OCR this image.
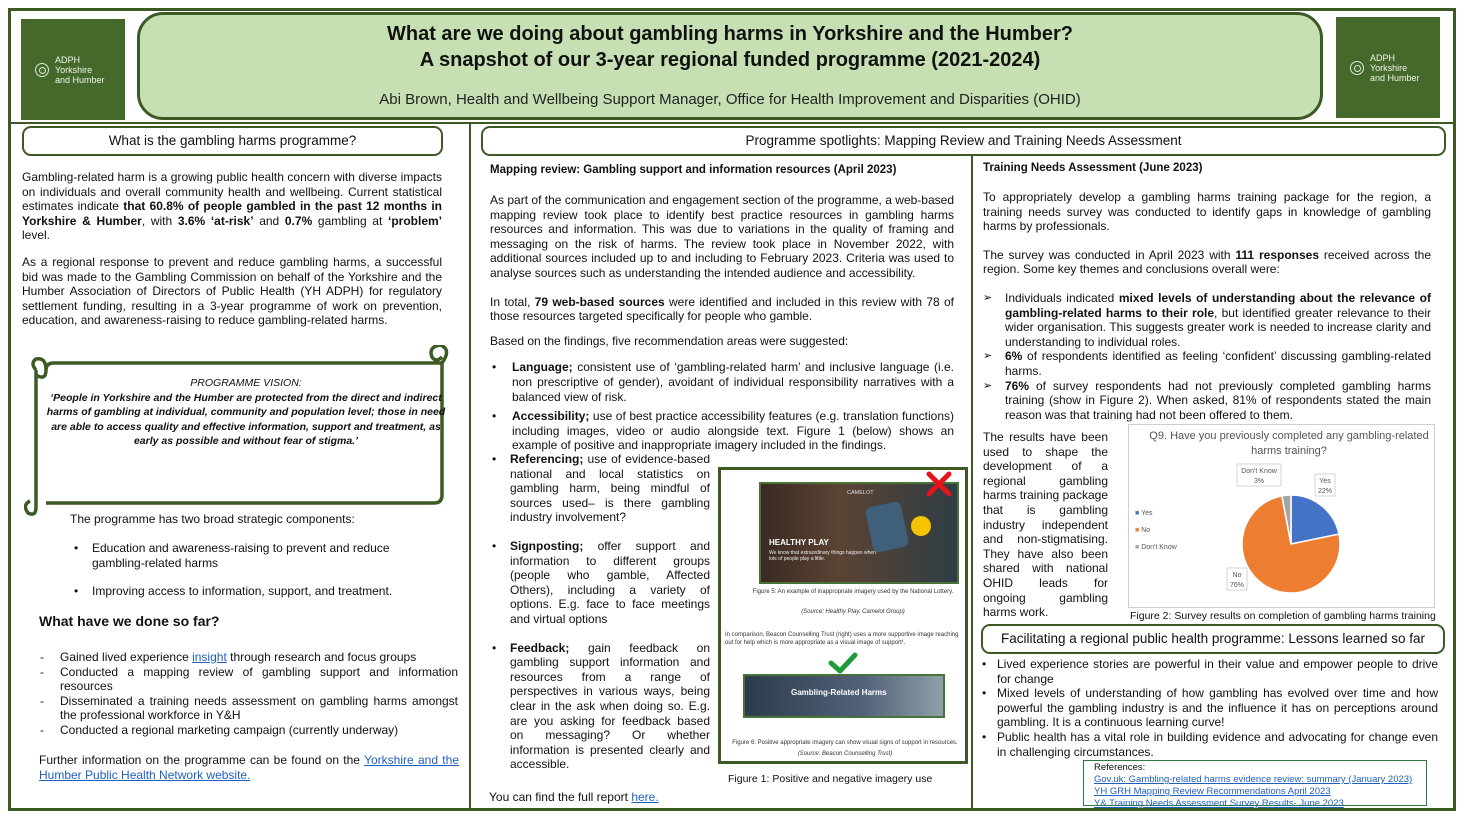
ADPH
Yorkshire
and Humber
ADPH
Yorkshire
and Humber
What are we doing about gambling harms in Yorkshire and the Humber?
A snapshot of our 3-year regional funded programme (2021-2024)
Abi Brown, Health and Wellbeing Support Manager, Office for Health Improvement and Disparities (OHID)
What is the gambling harms programme?

Gambling-related harm is a growing public health concern with diverse impacts on individuals and overall community health and wellbeing. Current statistical estimates indicate that 60.8% of people gambled in the past 12 months in Yorkshire & Humber, with 3.6% ‘at-risk’ and 0.7% gambling at ‘problem’ level.

As a regional response to prevent and reduce gambling harms, a successful bid was made to the Gambling Commission on behalf of the Yorkshire and the Humber Association of Directors of Public Health (YH ADPH) for regulatory settlement funding, resulting in a 3-year programme of work on prevention, education, and awareness-raising to reduce gambling-related harms.

PROGRAMME VISION:
‘People in Yorkshire and the Humber are protected from the direct and indirect harms of gambling at individual, community and population level; those in need are able to access quality and effective information, support and treatment, as early as possible and without fear of stigma.’
The programme has two broad strategic components:
• Education and awareness-raising to prevent and reduce gambling-related harms
• Improving access to information, support, and treatment.
What have we done so far?
- Gained lived experience insight through research and focus groups
- Conducted a mapping review of gambling support and information resources
- Disseminated a training needs assessment on gambling harms amongst the professional workforce in Y&H
- Conducted a regional marketing campaign (currently underway)
Further information on the programme can be found on the Yorkshire and the Humber Public Health Network website.
Programme spotlights: Mapping Review and Training Needs Assessment
Mapping review: Gambling support and information resources (April 2023)

As part of the communication and engagement section of the programme, a web-based mapping review took place to identify best practice resources in gambling harms resources and information. This was due to variations in the quality of framing and messaging on the risk of harms. The review took place in November 2022, with additional sources included up to and including to February 2023. Criteria was used to analyse sources such as understanding the intended audience and accessibility.

In total, 79 web-based sources were identified and included in this review with 78 of those resources targeted specifically for people who gamble.

Based on the findings, five recommendation areas were suggested:

• Language; consistent use of ‘gambling-related harm’ and inclusive language (i.e. non prescriptive of gender), avoidant of individual responsibility narratives with a balanced view of risk.
• Accessibility; use of best practice accessibility features (e.g. translation functions) including images, video or audio alongside text. Figure 1 (below) shows an example of positive and inappropriate imagery included in the findings.
• Referencing; use of evidence-based national and local statistics on gambling harm, being mindful of sources used– is there gambling industry involvement?
• Signposting; offer support and information to different groups (people who gamble, Affected Others), including a variety of options. E.g. face to face meetings and virtual options
• Feedback; gain feedback on gambling support information and resources from a range of perspectives in various ways, being clear in the ask when doing so. E.g. are you asking for feedback based on messaging? Or whether information is presented clearly and accessible.
You can find the full report here.
CAMELOT
HEALTHY PLAY
We know that extraordinary things happen when lots of people play a little.
Figure 5: An example of inappropriate imagery used by the National Lottery.
(Source: Healthy Play, Camelot Group)
In comparison, Beacon Counselling Trust (right) uses a more supportive image reaching out for help which is more appropriate as a visual image of support¹.
Gambling-Related Harms
Figure 6: Positive appropriate imagery can show visual signs of support in resources.
(Source: Beacon Counselling Trust)
Figure 1: Positive and negative imagery use
Training Needs Assessment (June 2023)

To appropriately develop a gambling harms training package for the region, a training needs survey was conducted to identify gaps in knowledge of gambling harms by professionals.

The survey was conducted in April 2023 with 111 responses received across the region. Some key themes and conclusions overall were:

➢ Individuals indicated mixed levels of understanding about the relevance of gambling-related harms to their role, but identified greater relevance to their wider organisation. This suggests greater work is needed to increase clarity and understanding to individual roles.
➢ 6% of respondents identified as feeling ‘confident’ discussing gambling-related harms.
➢ 76% of survey respondents had not previously completed gambling harms training (show in Figure 2). When asked, 81% of respondents stated the main reason was that training had not been offered to them.
The results have been used to shape the development of a regional gambling harms training package that is gambling industry independent and non-stigmatising. They have also been shared with national OHID leads for ongoing gambling harms work.
Q9. Have you previously completed any gambling-related harms training?
■ Yes
■ No
■ Don't Know
Yes
22%
No
76%
Don't Know
3%
Figure 2: Survey results on completion of gambling harms training
Facilitating a regional public health programme: Lessons learned so far
• Lived experience stories are powerful in their value and empower people to drive for change
• Mixed levels of understanding of how gambling has evolved over time and how powerful the gambling industry is and the influence it has on perceptions around gambling. It is a continuous learning curve!
• Public health has a vital role in building evidence and advocating for change even in challenging circumstances.
References:
Gov.uk: Gambling-related harms evidence review: summary (January 2023)
YH GRH Mapping Review Recommendations April 2023
Y& Training Needs Assessment Survey Results- June 2023
